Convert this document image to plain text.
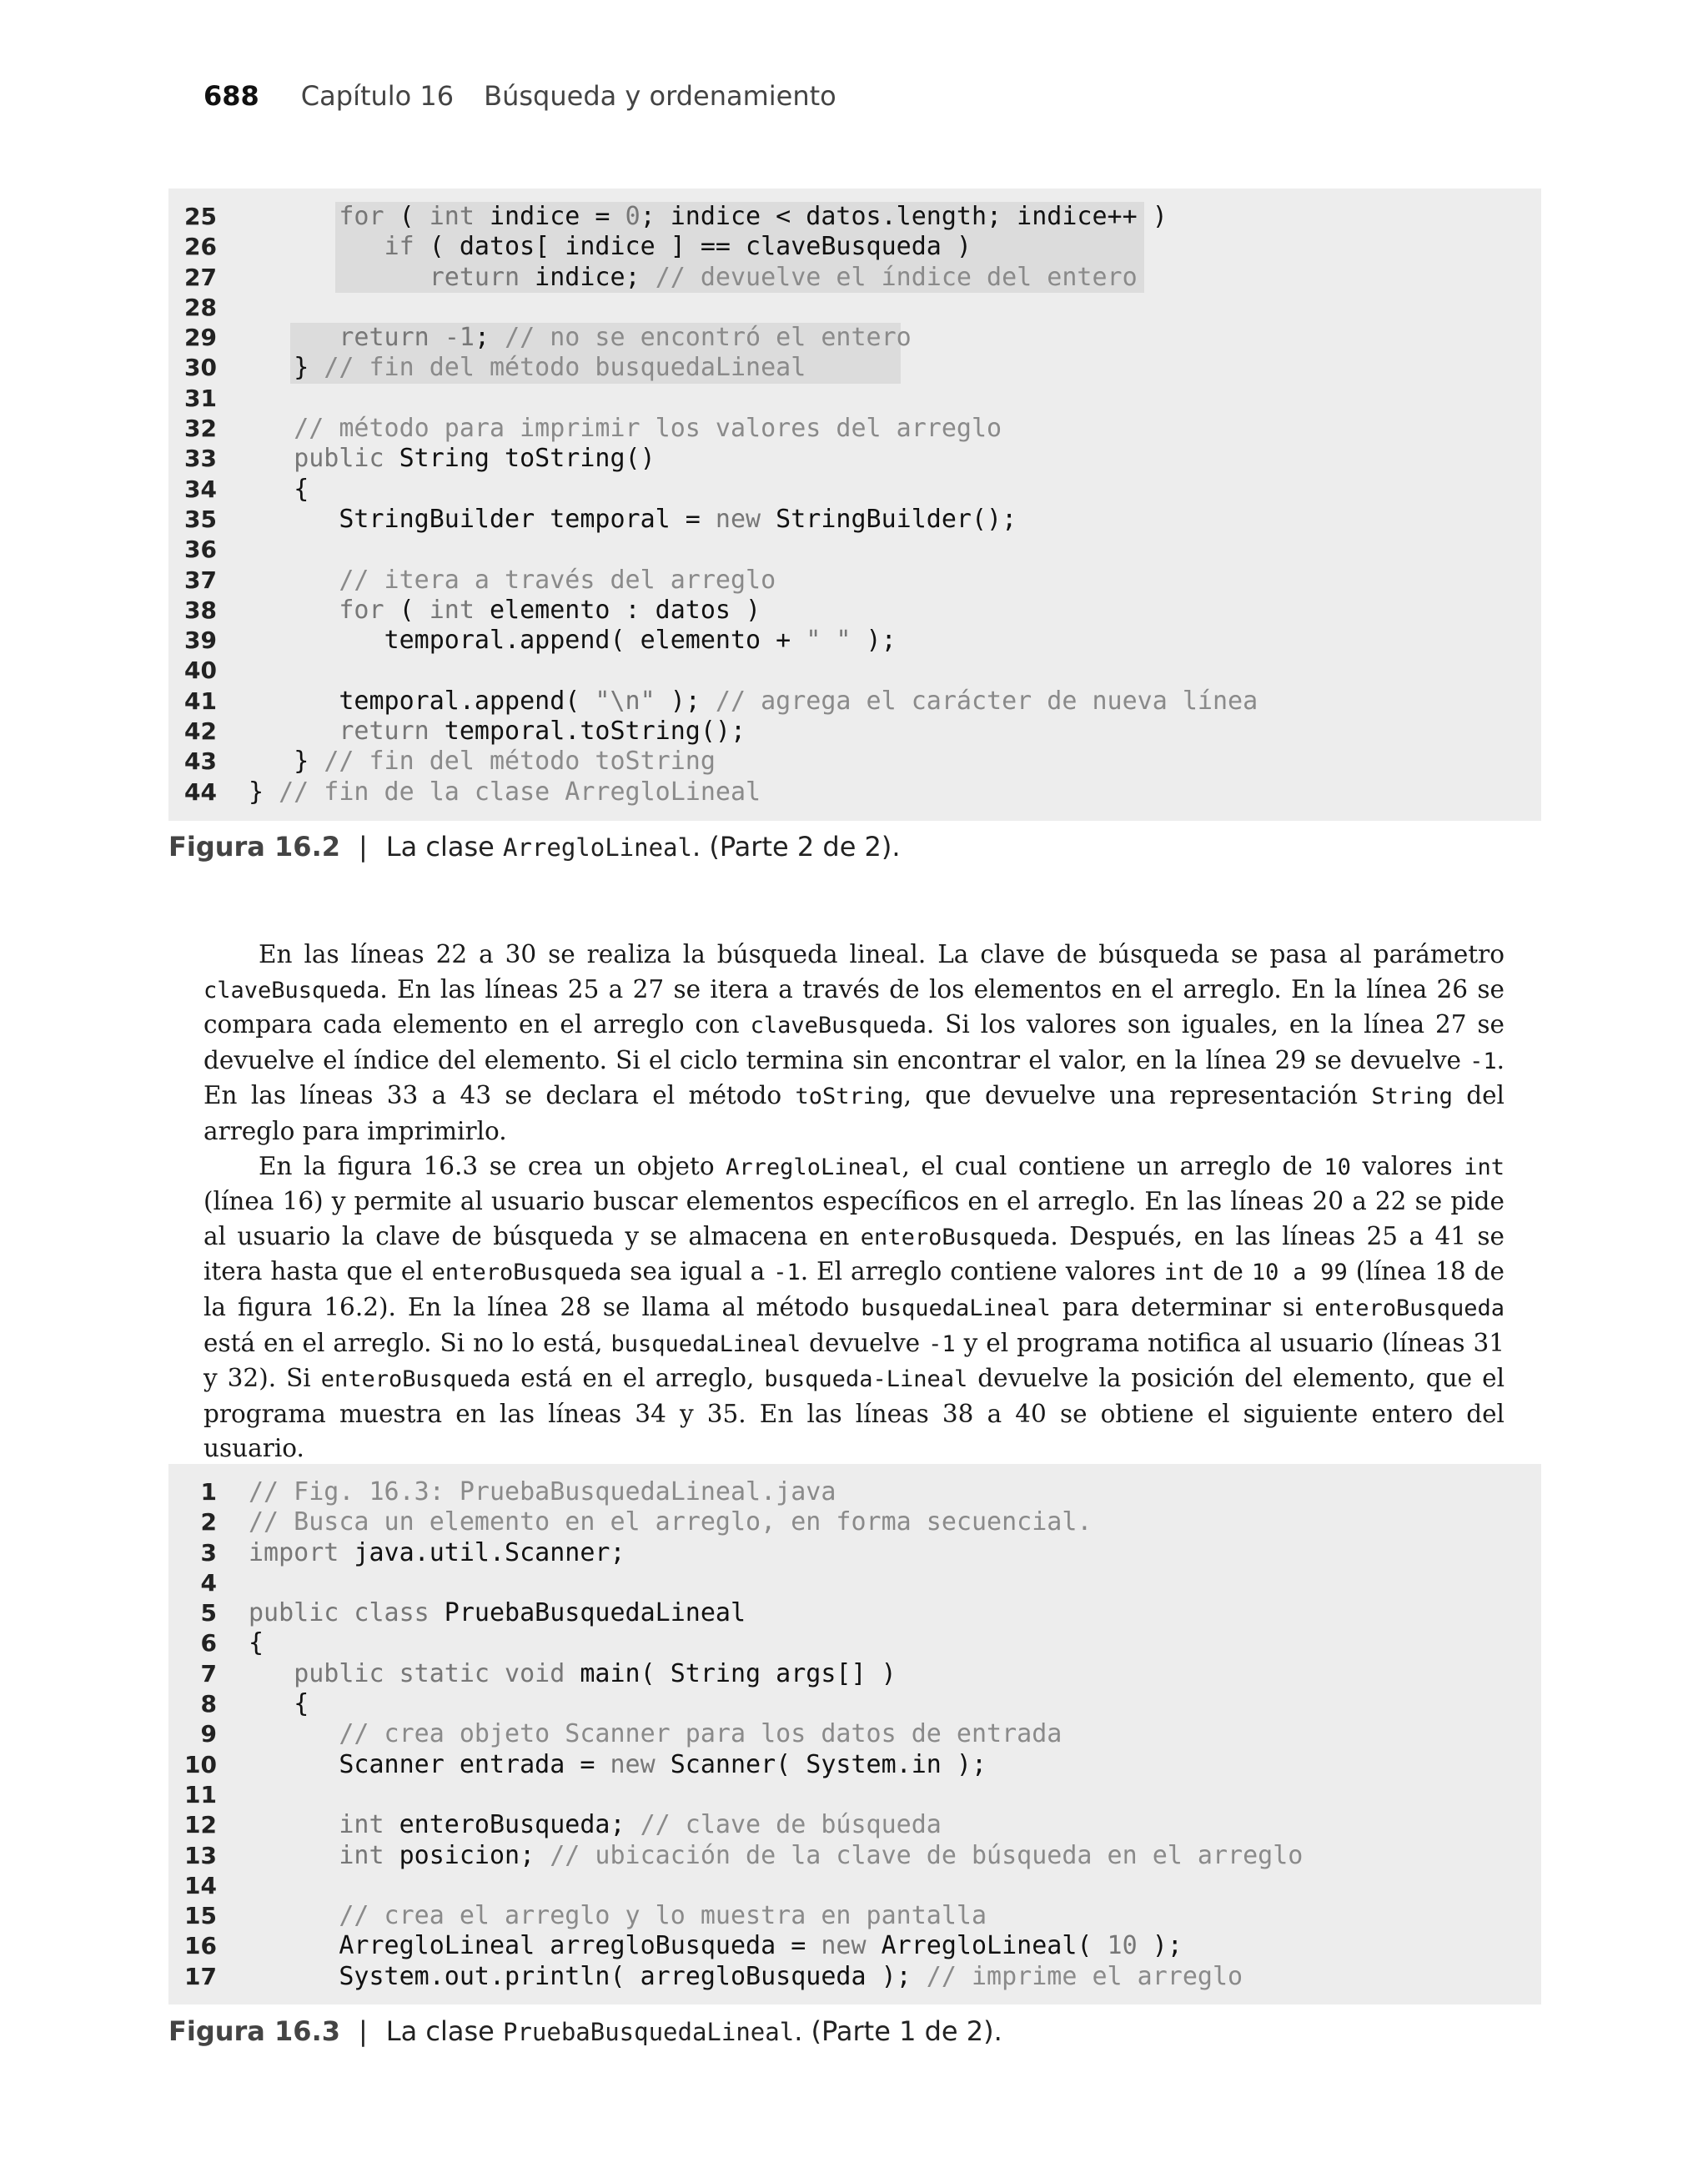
688 Capítulo 16 Búsqueda y ordenamiento
25	for ( int indice = 0; indice < datos.length; indice++ )
26	if ( datos[ indice ] == claveBusqueda )
27	return indice; // devuelve el índice del entero
28
29	return -1; // no se encontró el entero
30	} // fin del método busquedaLineal
31
32	// método para imprimir los valores del arreglo
33	public String toString()
34	{
35	StringBuilder temporal = new StringBuilder();
36
37	// itera a través del arreglo
38	for ( int elemento : datos )
39	temporal.append( elemento + " " );
40
41	temporal.append( "\n" ); // agrega el carácter de nueva línea
42	return temporal.toString();
43	} // fin del método toString
44 } // fin de la clase ArregloLineal
Figura 16.2 | La clase ArregloLineal. (Parte 2 de 2).

En las líneas 22 a 30 se realiza la búsqueda lineal. La clave de búsqueda se pasa al parámetro claveBusqueda. En las líneas 25 a 27 se itera a través de los elementos en el arreglo. En la línea 26 se compara cada elemento en el arreglo con claveBusqueda. Si los valores son iguales, en la línea 27 se devuelve el índice del elemento. Si el ciclo termina sin encontrar el valor, en la línea 29 se devuelve -1. En las líneas 33 a 43 se declara el método toString, que devuelve una representación String del arreglo para imprimirlo.

En la figura 16.3 se crea un objeto ArregloLineal, el cual contiene un arreglo de 10 valores int (línea 16) y permite al usuario buscar elementos específicos en el arreglo. En las líneas 20 a 22 se pide al usuario la clave de búsqueda y se almacena en enteroBusqueda. Después, en las líneas 25 a 41 se itera hasta que el enteroBusqueda sea igual a -1. El arreglo contiene valores int de 10 a 99 (línea 18 de la figura 16.2). En la línea 28 se llama al método busquedaLineal para determinar si enteroBusqueda está en el arreglo. Si no lo está, busquedaLineal devuelve -1 y el programa notifica al usuario (líneas 31 y 32). Si enteroBusqueda está en el arreglo, busqueda-Lineal devuelve la posición del elemento, que el programa muestra en las líneas 34 y 35. En las líneas 38 a 40 se obtiene el siguiente entero del usuario.

1 // Fig. 16.3: PruebaBusquedaLineal.java
2 // Busca un elemento en el arreglo, en forma secuencial.
3 import java.util.Scanner;
4
5 public class PruebaBusquedaLineal
6 {
7	public static void main( String args[] )
8	{
9	// crea objeto Scanner para los datos de entrada
10	Scanner entrada = new Scanner( System.in );
11
12	int enteroBusqueda; // clave de búsqueda
13	int posicion; // ubicación de la clave de búsqueda en el arreglo
14
15	// crea el arreglo y lo muestra en pantalla
16	ArregloLineal arregloBusqueda = new ArregloLineal( 10 );
17	System.out.println( arregloBusqueda ); // imprime el arreglo
Figura 16.3 | La clase PruebaBusquedaLineal. (Parte 1 de 2).
